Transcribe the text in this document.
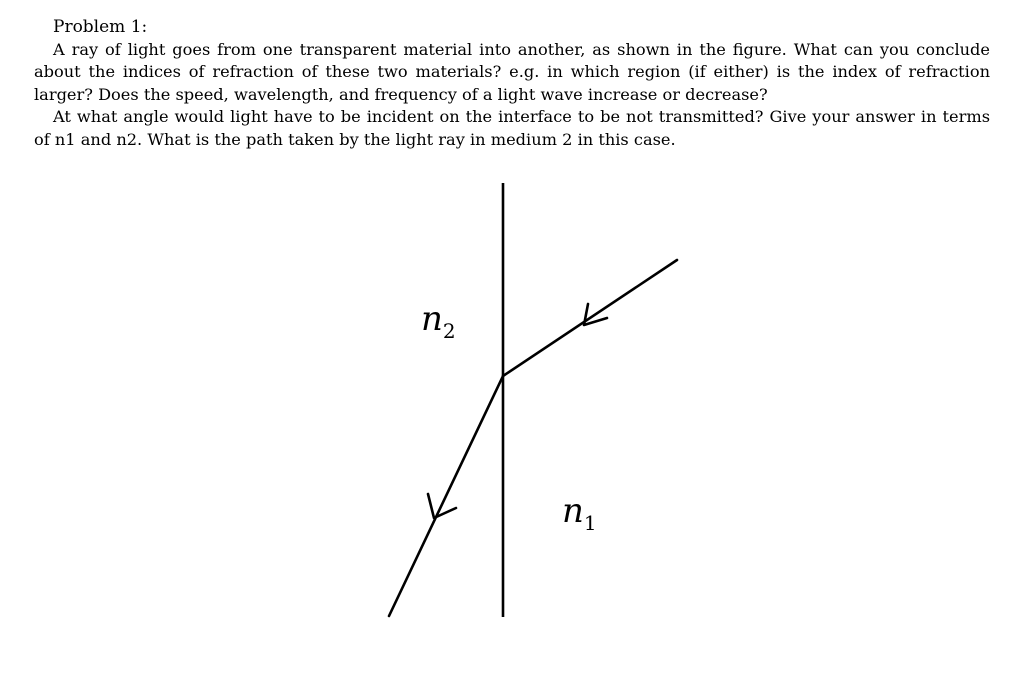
Problem 1:

A ray of light goes from one transparent material into another, as shown in the figure. What can you conclude about the indices of refraction of these two materials? e.g. in which region (if either) is the index of refraction larger? Does the speed, wavelength, and frequency of a light wave increase or decrease?

At what angle would light have to be incident on the interface to be not transmitted? Give your answer in terms of n1 and n2. What is the path taken by the light ray in medium 2 in this case.

n2
n1
